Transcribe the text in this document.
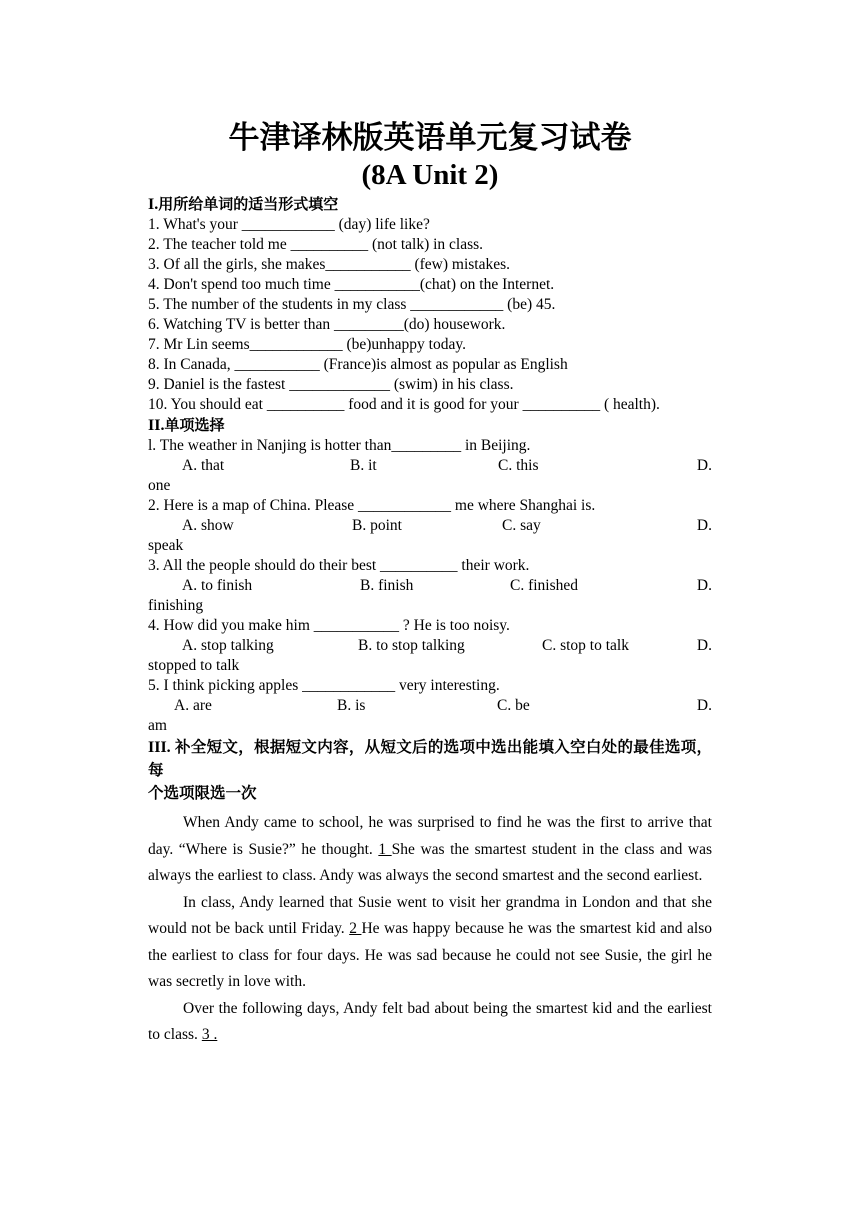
牛津译林版英语单元复习试卷
(8A Unit 2)
I.用所给单词的适当形式填空
1. What's your ____________ (day) life like?
2. The teacher told me __________ (not talk) in class.
3. Of all the girls, she makes___________ (few) mistakes.
4. Don't spend too much time ___________(chat) on the Internet.
5. The number of the students in my class ____________ (be) 45.
6. Watching TV is better than _________(do) housework.
7. Mr Lin seems____________ (be)unhappy today.
8. In Canada, ___________ (France)is almost as popular as English
9. Daniel is the fastest _____________ (swim) in his class.
10. You should eat __________ food and it is good for your __________ ( health).
II.单项选择
l. The weather in Nanjing is hotter than_________ in Beijing.
A. that	B. it	C. this	D.
one
2. Here is a map of China. Please ____________ me where Shanghai is.
A. show	B. point	C. say	D.
speak
3. All the people should do their best __________ their work.
A. to finish	B. finish	C. finished	D.
finishing
4. How did you make him ___________ ? He is too noisy.
A. stop talking	B. to stop talking	C. stop to talk	D.
stopped to talk
5. I think picking apples ____________ very interesting.
A. are	B. is	C. be	D.
am
III. 补全短文，根据短文内容，从短文后的选项中选出能填入空白处的最佳选项，每
个选项限选一次

When Andy came to school, he was surprised to find he was the first to arrive that day. “Where is Susie?” he thought. 1 She was the smartest student in the class and was always the earliest to class. Andy was always the second smartest and the second earliest.

In class, Andy learned that Susie went to visit her grandma in London and that she would not be back until Friday. 2 He was happy because he was the smartest kid and also the earliest to class for four days. He was sad because he could not see Susie, the girl he was secretly in love with.

Over the following days, Andy felt bad about being the smartest kid and the earliest to class. 3 .
